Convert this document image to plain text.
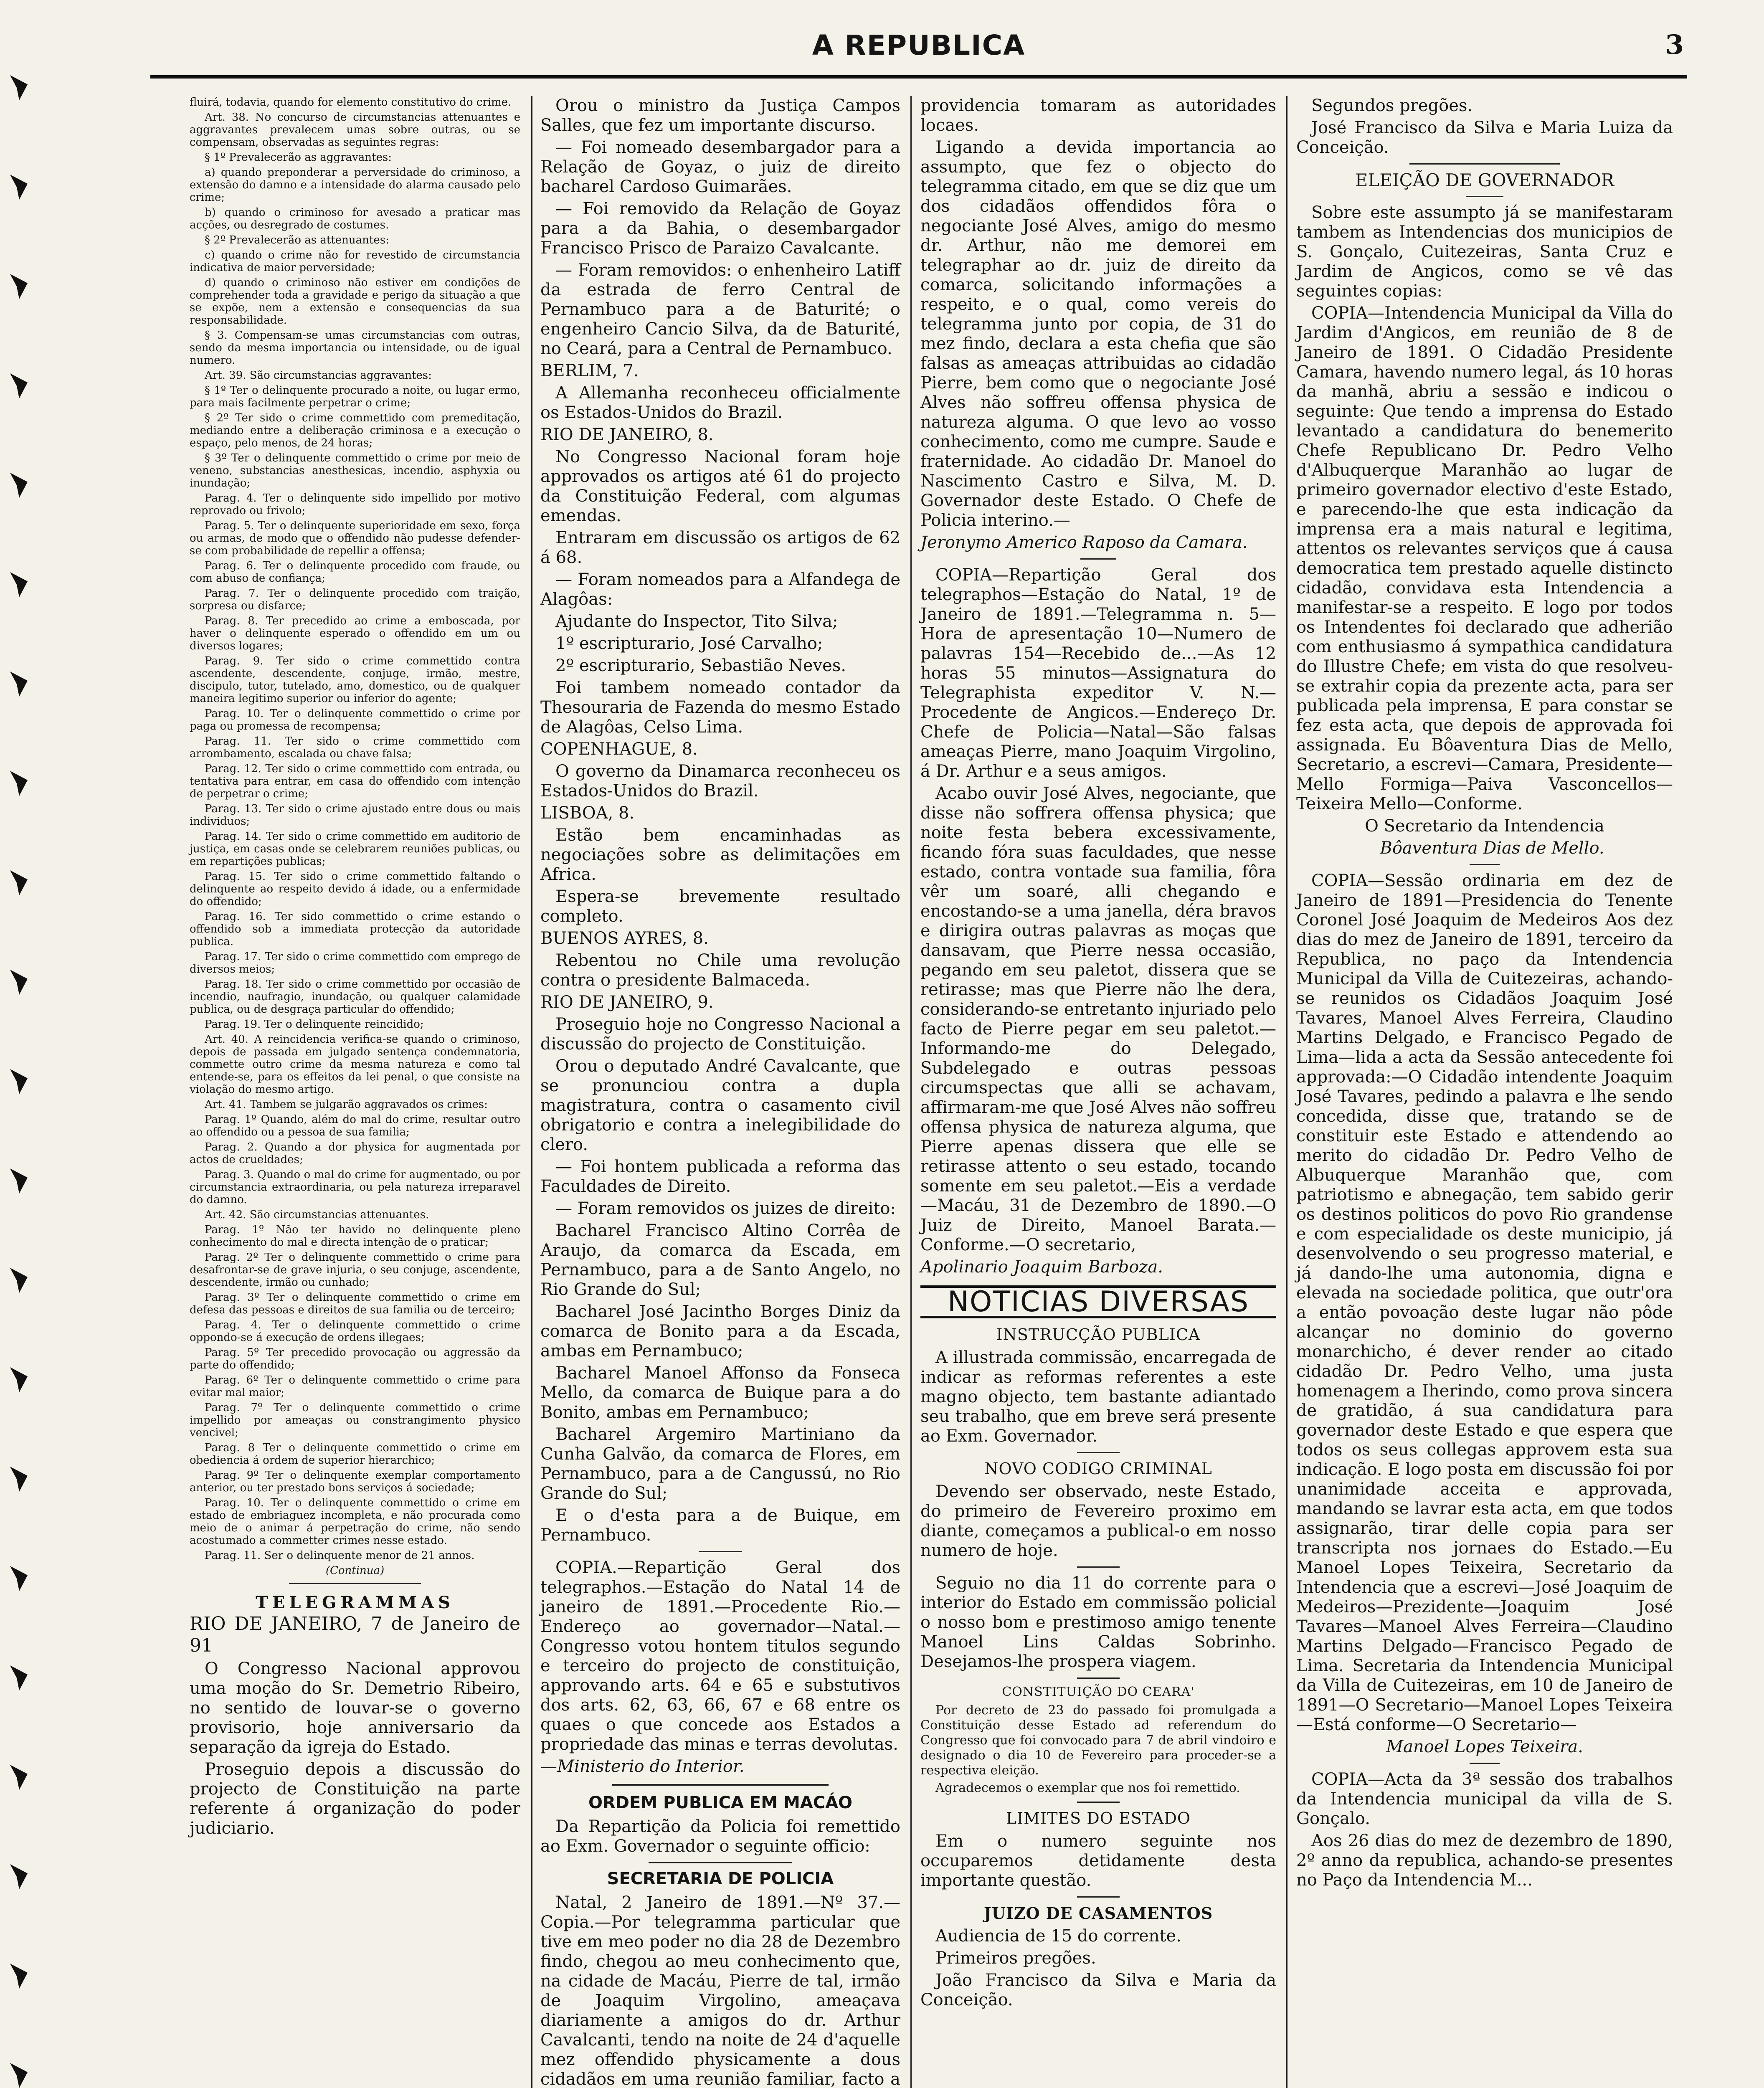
A REPUBLICA	3

fluirá, todavia, quando for elemento constitutivo do crime.

Art. 38. No concurso de circumstancias attenuantes e aggravantes prevalecem umas sobre outras, ou se compensam, observadas as seguintes regras:

§ 1º Prevalecerão as aggravantes:

a) quando preponderar a perversidade do criminoso, a extensão do damno e a intensidade do alarma causado pelo crime;

b) quando o criminoso for avesado a praticar mas acções, ou desregrado de costumes.

§ 2º Prevalecerão as attenuantes:

c) quando o crime não for revestido de circumstancia indicativa de maior perversidade;

d) quando o criminoso não estiver em condições de comprehender toda a gravidade e perigo da situação a que se expõe, nem a extensão e consequencias da sua responsabilidade.

§ 3. Compensam-se umas circumstancias com outras, sendo da mesma importancia ou intensidade, ou de igual numero.

Art. 39. São circumstancias aggravantes:

§ 1º Ter o delinquente procurado a noite, ou lugar ermo, para mais facilmente perpetrar o crime;

§ 2º Ter sido o crime commettido com premeditação, mediando entre a deliberação criminosa e a execução o espaço, pelo menos, de 24 horas;

§ 3º Ter o delinquente commettido o crime por meio de veneno, substancias anesthesicas, incendio, asphyxia ou inundação;

Parag. 4. Ter o delinquente sido impellido por motivo reprovado ou frivolo;

Parag. 5. Ter o delinquente superioridade em sexo, força ou armas, de modo que o offendido não pudesse defender-se com probabilidade de repellir a offensa;

Parag. 6. Ter o delinquente procedido com fraude, ou com abuso de confiança;

Parag. 7. Ter o delinquente procedido com traição, sorpresa ou disfarce;

Parag. 8. Ter precedido ao crime a emboscada, por haver o delinquente esperado o offendido em um ou diversos logares;

Parag. 9. Ter sido o crime commettido contra ascendente, descendente, conjuge, irmão, mestre, discipulo, tutor, tutelado, amo, domestico, ou de qualquer maneira legitimo superior ou inferior do agente;

Parag. 10. Ter o delinquente commettido o crime por paga ou promessa de recompensa;

Parag. 11. Ter sido o crime commettido com arrombamento, escalada ou chave falsa;

Parag. 12. Ter sido o crime commettido com entrada, ou tentativa para entrar, em casa do offendido com intenção de perpetrar o crime;

Parag. 13. Ter sido o crime ajustado entre dous ou mais individuos;

Parag. 14. Ter sido o crime commettido em auditorio de justiça, em casas onde se celebrarem reuniões publicas, ou em repartições publicas;

Parag. 15. Ter sido o crime commettido faltando o delinquente ao respeito devido á idade, ou a enfermidade do offendido;

Parag. 16. Ter sido commettido o crime estando o offendido sob a immediata protecção da autoridade publica.

Parag. 17. Ter sido o crime commettido com emprego de diversos meios;

Parag. 18. Ter sido o crime commettido por occasião de incendio, naufragio, inundação, ou qualquer calamidade publica, ou de desgraça particular do offendido;

Parag. 19. Ter o delinquente reincidido;

Art. 40. A reincidencia verifica-se quando o criminoso, depois de passada em julgado sentença condemnatoria, commette outro crime da mesma natureza e como tal entende-se, para os effeitos da lei penal, o que consiste na violação do mesmo artigo.

Art. 41. Tambem se julgarão aggravados os crimes:

Parag. 1º Quando, além do mal do crime, resultar outro ao offendido ou a pessoa de sua familia;

Parag. 2. Quando a dor physica for augmentada por actos de crueldades;

Parag. 3. Quando o mal do crime for augmentado, ou por circumstancia extraordinaria, ou pela natureza irreparavel do damno.

Art. 42. São circumstancias attenuantes.

Parag. 1º Não ter havido no delinquente pleno conhecimento do mal e directa intenção de o praticar;

Parag. 2º Ter o delinquente commettido o crime para desafrontar-se de grave injuria, o seu conjuge, ascendente, descendente, irmão ou cunhado;

Parag. 3º Ter o delinquente commettido o crime em defesa das pessoas e direitos de sua familia ou de terceiro;

Parag. 4. Ter o delinquente commettido o crime oppondo-se á execução de ordens illegaes;

Parag. 5º Ter precedido provocação ou aggressão da parte do offendido;

Parag. 6º Ter o delinquente commettido o crime para evitar mal maior;

Parag. 7º Ter o delinquente commettido o crime impellido por ameaças ou constrangimento physico vencivel;

Parag. 8 Ter o delinquente commettido o crime em obediencia á ordem de superior hierarchico;

Parag. 9º Ter o delinquente exemplar comportamento anterior, ou ter prestado bons serviços á sociedade;

Parag. 10. Ter o delinquente commettido o crime em estado de embriaguez incompleta, e não procurada como meio de o animar á perpetração do crime, não sendo acostumado a commetter crimes nesse estado.

Parag. 11. Ser o delinquente menor de 21 annos.

(Continua)

TELEGRAMMAS

RIO DE JANEIRO, 7 de Janeiro de 91

O Congresso Nacional approvou uma moção do Sr. Demetrio Ribeiro, no sentido de louvar-se o governo provisorio, hoje anniversario da separação da igreja do Estado.

Proseguio depois a discussão do projecto de Constituição na parte referente á organização do poder judiciario.

Orou o ministro da Justiça Campos Salles, que fez um importante discurso.

— Foi nomeado desembargador para a Relação de Goyaz, o juiz de direito bacharel Cardoso Guimarães.

— Foi removido da Relação de Goyaz para a da Bahia, o desembargador Francisco Prisco de Paraizo Cavalcante.

— Foram removidos: o enhenheiro Latiff da estrada de ferro Central de Pernambuco para a de Baturité; o engenheiro Cancio Silva, da de Baturité, no Ceará, para a Central de Pernambuco.

BERLIM, 7.

A Allemanha reconheceu officialmente os Estados-Unidos do Brazil.

RIO DE JANEIRO, 8.

No Congresso Nacional foram hoje approvados os artigos até 61 do projecto da Constituição Federal, com algumas emendas.

Entraram em discussão os artigos de 62 á 68.

— Foram nomeados para a Alfandega de Alagôas:

Ajudante do Inspector, Tito Silva;

1º escripturario, José Carvalho;

2º escripturario, Sebastião Neves.

Foi tambem nomeado contador da Thesouraria de Fazenda do mesmo Estado de Alagôas, Celso Lima.

COPENHAGUE, 8.

O governo da Dinamarca reconheceu os Estados-Unidos do Brazil.

LISBOA, 8.

Estão bem encaminhadas as negociações sobre as delimitações em Africa.

Espera-se brevemente resultado completo.

BUENOS AYRES, 8.

Rebentou no Chile uma revolução contra o presidente Balmaceda.

RIO DE JANEIRO, 9.

Proseguio hoje no Congresso Nacional a discussão do projecto de Constituição.

Orou o deputado André Cavalcante, que se pronunciou contra a dupla magistratura, contra o casamento civil obrigatorio e contra a inelegibilidade do clero.

— Foi hontem publicada a reforma das Faculdades de Direito.

— Foram removidos os juizes de direito:

Bacharel Francisco Altino Corrêa de Araujo, da comarca da Escada, em Pernambuco, para a de Santo Angelo, no Rio Grande do Sul;

Bacharel José Jacintho Borges Diniz da comarca de Bonito para a da Escada, ambas em Pernambuco;

Bacharel Manoel Affonso da Fonseca Mello, da comarca de Buique para a do Bonito, ambas em Pernambuco;

Bacharel Argemiro Martiniano da Cunha Galvão, da comarca de Flores, em Pernambuco, para a de Cangussú, no Rio Grande do Sul;

E o d'esta para a de Buique, em Pernambuco.

COPIA.—Repartição Geral dos telegraphos.—Estação do Natal 14 de janeiro de 1891.—Procedente Rio.—Endereço ao governador—Natal.—Congresso votou hontem titulos segundo e terceiro do projecto de constituição, approvando arts. 64 e 65 e substutivos dos arts. 62, 63, 66, 67 e 68 entre os quaes o que concede aos Estados a propriedade das minas e terras devolutas.

—Ministerio do Interior.

ORDEM PUBLICA EM MACÁO

Da Repartição da Policia foi remettido ao Exm. Governador o seguinte officio:

SECRETARIA DE POLICIA

Natal, 2 Janeiro de 1891.—Nº 37.—Copia.—Por telegramma particular que tive em meo poder no dia 28 de Dezembro findo, chegou ao meu conhecimento que, na cidade de Macáu, Pierre de tal, irmão de Joaquim Virgolino, ameaçava diariamente a amigos do dr. Arthur Cavalcanti, tendo na noite de 24 d'aquelle mez offendido physicamente a dous cidadãos em uma reunião familiar, facto a

providencia tomaram as autoridades locaes.

Ligando a devida importancia ao assumpto, que fez o objecto do telegramma citado, em que se diz que um dos cidadãos offendidos fôra o negociante José Alves, amigo do mesmo dr. Arthur, não me demorei em telegraphar ao dr. juiz de direito da comarca, solicitando informações a respeito, e o qual, como vereis do telegramma junto por copia, de 31 do mez findo, declara a esta chefia que são falsas as ameaças attribuidas ao cidadão Pierre, bem como que o negociante José Alves não soffreu offensa physica de natureza alguma. O que levo ao vosso conhecimento, como me cumpre. Saude e fraternidade. Ao cidadão Dr. Manoel do Nascimento Castro e Silva, M. D. Governador deste Estado. O Chefe de Policia interino.—

Jeronymo Americo Raposo da Camara.

COPIA—Repartição Geral dos telegraphos—Estação do Natal, 1º de Janeiro de 1891.—Telegramma n. 5—Hora de apresentação 10—Numero de palavras 154—Recebido de...—As 12 horas 55 minutos—Assignatura do Telegraphista expeditor V. N.—Procedente de Angicos.—Endereço Dr. Chefe de Policia—Natal—São falsas ameaças Pierre, mano Joaquim Virgolino, á Dr. Arthur e a seus amigos.

Acabo ouvir José Alves, negociante, que disse não soffrera offensa physica; que noite festa bebera excessivamente, ficando fóra suas faculdades, que nesse estado, contra vontade sua familia, fôra vêr um soaré, alli chegando e encostando-se a uma janella, déra bravos e dirigira outras palavras as moças que dansavam, que Pierre nessa occasião, pegando em seu paletot, dissera que se retirasse; mas que Pierre não lhe dera, considerando-se entretanto injuriado pelo facto de Pierre pegar em seu paletot.— Informando-me do Delegado, Subdelegado e outras pessoas circumspectas que alli se achavam, affirmaram-me que José Alves não soffreu offensa physica de natureza alguma, que Pierre apenas dissera que elle se retirasse attento o seu estado, tocando somente em seu paletot.—Eis a verdade—Macáu, 31 de Dezembro de 1890.—O Juiz de Direito, Manoel Barata.—Conforme.—O secretario,

Apolinario Joaquim Barboza.

NOTICIAS DIVERSAS
INSTRUCÇÃO PUBLICA

A illustrada commissão, encarregada de indicar as reformas referentes a este magno objecto, tem bastante adiantado seu trabalho, que em breve será presente ao Exm. Governador.

NOVO CODIGO CRIMINAL

Devendo ser observado, neste Estado, do primeiro de Fevereiro proximo em diante, começamos a publical-o em nosso numero de hoje.

Seguio no dia 11 do corrente para o interior do Estado em commissão policial o nosso bom e prestimoso amigo tenente Manoel Lins Caldas Sobrinho. Desejamos-lhe prospera viagem.

CONSTITUIÇÃO DO CEARA'

Por decreto de 23 do passado foi promulgada a Constituição desse Estado ad referendum do Congresso que foi convocado para 7 de abril vindoiro e designado o dia 10 de Fevereiro para proceder-se a respectiva eleição.

Agradecemos o exemplar que nos foi remettido.

LIMITES DO ESTADO

Em o numero seguinte nos occuparemos detidamente desta importante questão.

JUIZO DE CASAMENTOS

Audiencia de 15 do corrente.

Primeiros pregões.

João Francisco da Silva e Maria da Conceição.

Segundos pregões.

José Francisco da Silva e Maria Luiza da Conceição.

ELEIÇÃO DE GOVERNADOR

Sobre este assumpto já se manifestaram tambem as Intendencias dos municipios de S. Gonçalo, Cuitezeiras, Santa Cruz e Jardim de Angicos, como se vê das seguintes copias:

COPIA—Intendencia Municipal da Villa do Jardim d'Angicos, em reunião de 8 de Janeiro de 1891. O Cidadão Presidente Camara, havendo numero legal, ás 10 horas da manhã, abriu a sessão e indicou o seguinte: Que tendo a imprensa do Estado levantado a candidatura do benemerito Chefe Republicano Dr. Pedro Velho d'Albuquerque Maranhão ao lugar de primeiro governador electivo d'este Estado, e parecendo-lhe que esta indicação da imprensa era a mais natural e legitima, attentos os relevantes serviços que á causa democratica tem prestado aquelle distincto cidadão, convidava esta Intendencia a manifestar-se a respeito. E logo por todos os Intendentes foi declarado que adherião com enthusiasmo á sympathica candidatura do Illustre Chefe; em vista do que resolveu-se extrahir copia da prezente acta, para ser publicada pela imprensa, E para constar se fez esta acta, que depois de approvada foi assignada. Eu Bôaventura Dias de Mello, Secretario, a escrevi—Camara, Presidente—Mello Formiga—Paiva Vasconcellos—Teixeira Mello—Conforme.

O Secretario da Intendencia

Bôaventura Dias de Mello.

COPIA—Sessão ordinaria em dez de Janeiro de 1891—Presidencia do Tenente Coronel José Joaquim de Medeiros Aos dez dias do mez de Janeiro de 1891, terceiro da Republica, no paço da Intendencia Municipal da Villa de Cuitezeiras, achando-se reunidos os Cidadãos Joaquim José Tavares, Manoel Alves Ferreira, Claudino Martins Delgado, e Francisco Pegado de Lima—lida a acta da Sessão antecedente foi approvada:—O Cidadão intendente Joaquim José Tavares, pedindo a palavra e lhe sendo concedida, disse que, tratando se de constituir este Estado e attendendo ao merito do cidadão Dr. Pedro Velho de Albuquerque Maranhão que, com patriotismo e abnegação, tem sabido gerir os destinos politicos do povo Rio grandense e com especialidade os deste municipio, já desenvolvendo o seu progresso material, e já dando-lhe uma autonomia, digna e elevada na sociedade politica, que outr'ora a então povoação deste lugar não pôde alcançar no dominio do governo monarchicho, é dever render ao citado cidadão Dr. Pedro Velho, uma justa homenagem a Iherindo, como prova sincera de gratidão, á sua candidatura para governador deste Estado e que espera que todos os seus collegas approvem esta sua indicação. E logo posta em discussão foi por unanimidade acceita e approvada, mandando se lavrar esta acta, em que todos assignarão, tirar delle copia para ser transcripta nos jornaes do Estado.—Eu Manoel Lopes Teixeira, Secretario da Intendencia que a escrevi—José Joaquim de Medeiros—Prezidente—Joaquim José Tavares—Manoel Alves Ferreira—Claudino Martins Delgado—Francisco Pegado de Lima. Secretaria da Intendencia Municipal da Villa de Cuitezeiras, em 10 de Janeiro de 1891—O Secretario—Manoel Lopes Teixeira—Está conforme—O Secretario—

Manoel Lopes Teixeira.

COPIA—Acta da 3ª sessão dos trabalhos da Intendencia municipal da villa de S. Gonçalo.

Aos 26 dias do mez de dezembro de 1890, 2º anno da republica, achando-se presentes no Paço da Intendencia M...
